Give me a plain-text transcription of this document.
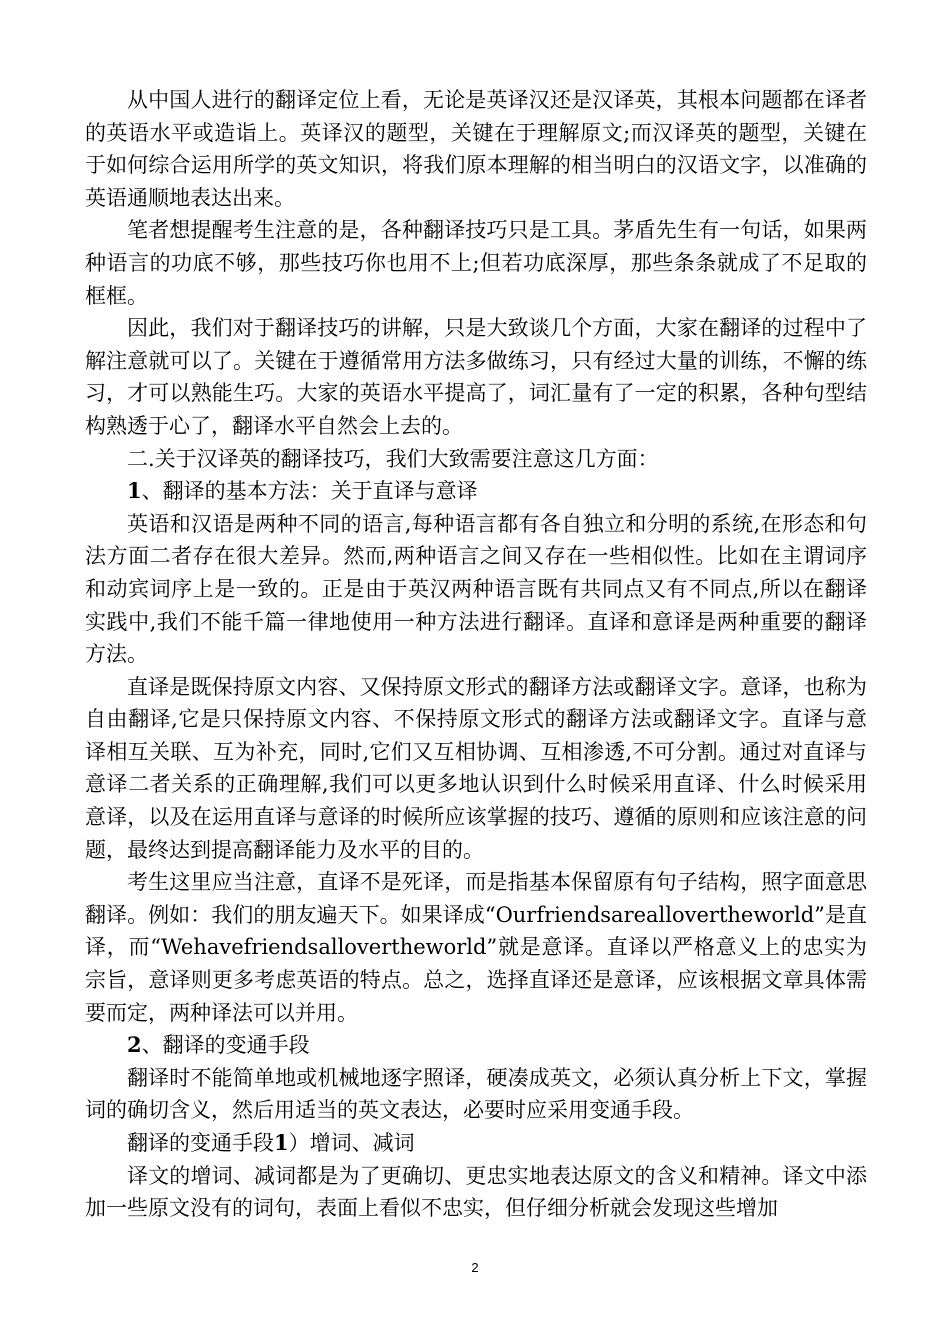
从中国人进行的翻译定位上看，无论是英译汉还是汉译英，其根本问题都在译者的英语水平或造诣上。英译汉的题型，关键在于理解原文;而汉译英的题型，关键在于如何综合运用所学的英文知识，将我们原本理解的相当明白的汉语文字，以准确的英语通顺地表达出来。

笔者想提醒考生注意的是，各种翻译技巧只是工具。茅盾先生有一句话，如果两种语言的功底不够，那些技巧你也用不上;但若功底深厚，那些条条就成了不足取的框框。

因此，我们对于翻译技巧的讲解，只是大致谈几个方面，大家在翻译的过程中了解注意就可以了。关键在于遵循常用方法多做练习，只有经过大量的训练，不懈的练习，才可以熟能生巧。大家的英语水平提高了，词汇量有了一定的积累，各种句型结构熟透于心了，翻译水平自然会上去的。

二.关于汉译英的翻译技巧，我们大致需要注意这几方面：

1、翻译的基本方法：关于直译与意译

英语和汉语是两种不同的语言,每种语言都有各自独立和分明的系统,在形态和句法方面二者存在很大差异。然而,两种语言之间又存在一些相似性。比如在主谓词序和动宾词序上是一致的。正是由于英汉两种语言既有共同点又有不同点,所以在翻译实践中,我们不能千篇一律地使用一种方法进行翻译。直译和意译是两种重要的翻译方法。

直译是既保持原文内容、又保持原文形式的翻译方法或翻译文字。意译，也称为自由翻译,它是只保持原文内容、不保持原文形式的翻译方法或翻译文字。直译与意译相互关联、互为补充，同时,它们又互相协调、互相渗透,不可分割。通过对直译与意译二者关系的正确理解,我们可以更多地认识到什么时候采用直译、什么时候采用意译，以及在运用直译与意译的时候所应该掌握的技巧、遵循的原则和应该注意的问题，最终达到提高翻译能力及水平的目的。

考生这里应当注意，直译不是死译，而是指基本保留原有句子结构，照字面意思翻译。例如：我们的朋友遍天下。如果译成“Ourfriendsareallovertheworld”是直译，而“Wehavefriendsallovertheworld”就是意译。直译以严格意义上的忠实为宗旨，意译则更多考虑英语的特点。总之，选择直译还是意译，应该根据文章具体需要而定，两种译法可以并用。

2、翻译的变通手段

翻译时不能简单地或机械地逐字照译，硬凑成英文，必须认真分析上下文，掌握词的确切含义，然后用适当的英文表达，必要时应采用变通手段。

翻译的变通手段1）增词、减词

译文的增词、减词都是为了更确切、更忠实地表达原文的含义和精神。译文中添加一些原文没有的词句，表面上看似不忠实，但仔细分析就会发现这些增加

2
